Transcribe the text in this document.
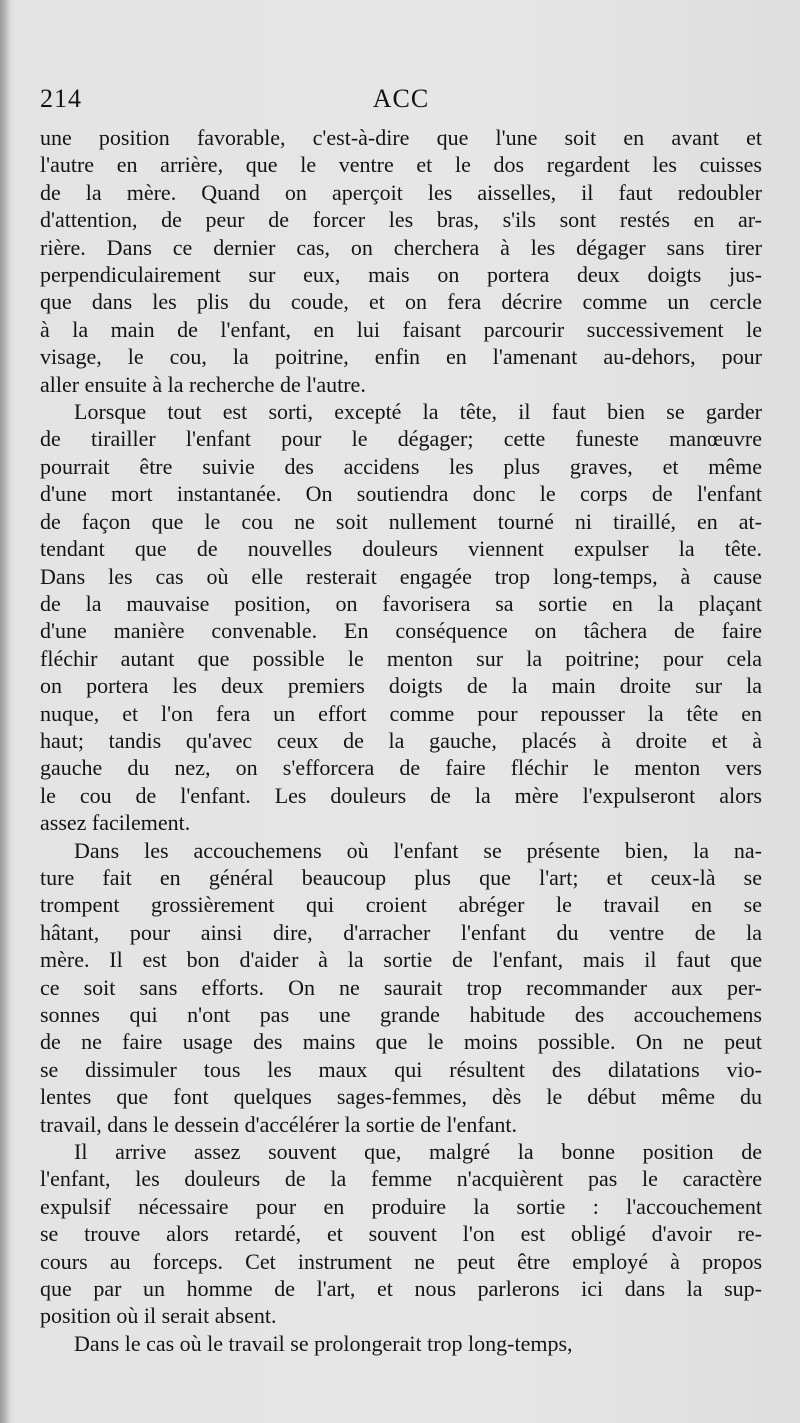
214	ACC

une position favorable, c'est-à-dire que l'une soit en avant et
l'autre en arrière, que le ventre et le dos regardent les cuisses
de la mère. Quand on aperçoit les aisselles, il faut redoubler
d'attention, de peur de forcer les bras, s'ils sont restés en ar-
rière. Dans ce dernier cas, on cherchera à les dégager sans tirer
perpendiculairement sur eux, mais on portera deux doigts jus-
que dans les plis du coude, et on fera décrire comme un cercle
à la main de l'enfant, en lui faisant parcourir successivement le
visage, le cou, la poitrine, enfin en l'amenant au-dehors, pour
aller ensuite à la recherche de l'autre.

Lorsque tout est sorti, excepté la tête, il faut bien se garder
de tirailler l'enfant pour le dégager; cette funeste manœuvre
pourrait être suivie des accidens les plus graves, et même
d'une mort instantanée. On soutiendra donc le corps de l'enfant
de façon que le cou ne soit nullement tourné ni tiraillé, en at-
tendant que de nouvelles douleurs viennent expulser la tête.
Dans les cas où elle resterait engagée trop long-temps, à cause
de la mauvaise position, on favorisera sa sortie en la plaçant
d'une manière convenable. En conséquence on tâchera de faire
fléchir autant que possible le menton sur la poitrine; pour cela
on portera les deux premiers doigts de la main droite sur la
nuque, et l'on fera un effort comme pour repousser la tête en
haut; tandis qu'avec ceux de la gauche, placés à droite et à
gauche du nez, on s'efforcera de faire fléchir le menton vers
le cou de l'enfant. Les douleurs de la mère l'expulseront alors
assez facilement.

Dans les accouchemens où l'enfant se présente bien, la na-
ture fait en général beaucoup plus que l'art; et ceux-là se
trompent grossièrement qui croient abréger le travail en se
hâtant, pour ainsi dire, d'arracher l'enfant du ventre de la
mère. Il est bon d'aider à la sortie de l'enfant, mais il faut que
ce soit sans efforts. On ne saurait trop recommander aux per-
sonnes qui n'ont pas une grande habitude des accouchemens
de ne faire usage des mains que le moins possible. On ne peut
se dissimuler tous les maux qui résultent des dilatations vio-
lentes que font quelques sages-femmes, dès le début même du
travail, dans le dessein d'accélérer la sortie de l'enfant.

Il arrive assez souvent que, malgré la bonne position de
l'enfant, les douleurs de la femme n'acquièrent pas le caractère
expulsif nécessaire pour en produire la sortie : l'accouchement
se trouve alors retardé, et souvent l'on est obligé d'avoir re-
cours au forceps. Cet instrument ne peut être employé à propos
que par un homme de l'art, et nous parlerons ici dans la sup-
position où il serait absent.

Dans le cas où le travail se prolongerait trop long-temps,
